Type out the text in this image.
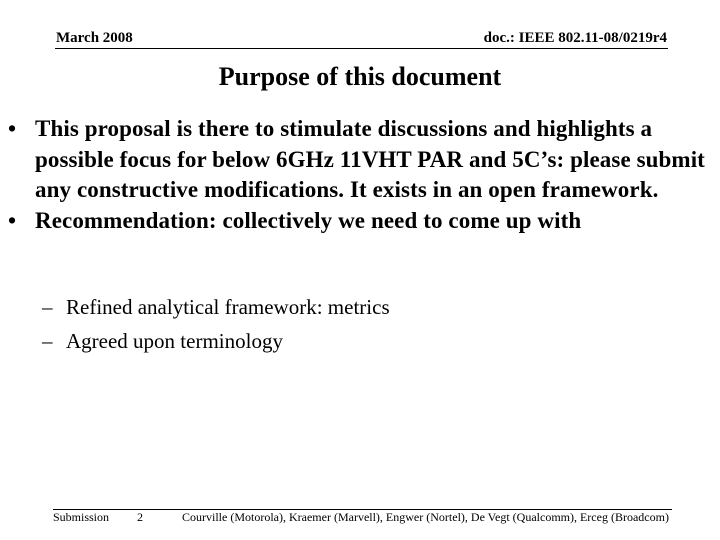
March 2008	doc.: IEEE 802.11-08/0219r4
Purpose of this document
• This proposal is there to stimulate discussions and highlights a possible focus for below 6GHz 11VHT PAR and 5C’s: please submit any constructive modifications. It exists in an open framework.
• Recommendation: collectively we need to come up with
– Refined analytical framework: metrics
– Agreed upon terminology
Submission 2	Courville (Motorola), Kraemer (Marvell), Engwer (Nortel), De Vegt (Qualcomm), Erceg (Broadcom)
